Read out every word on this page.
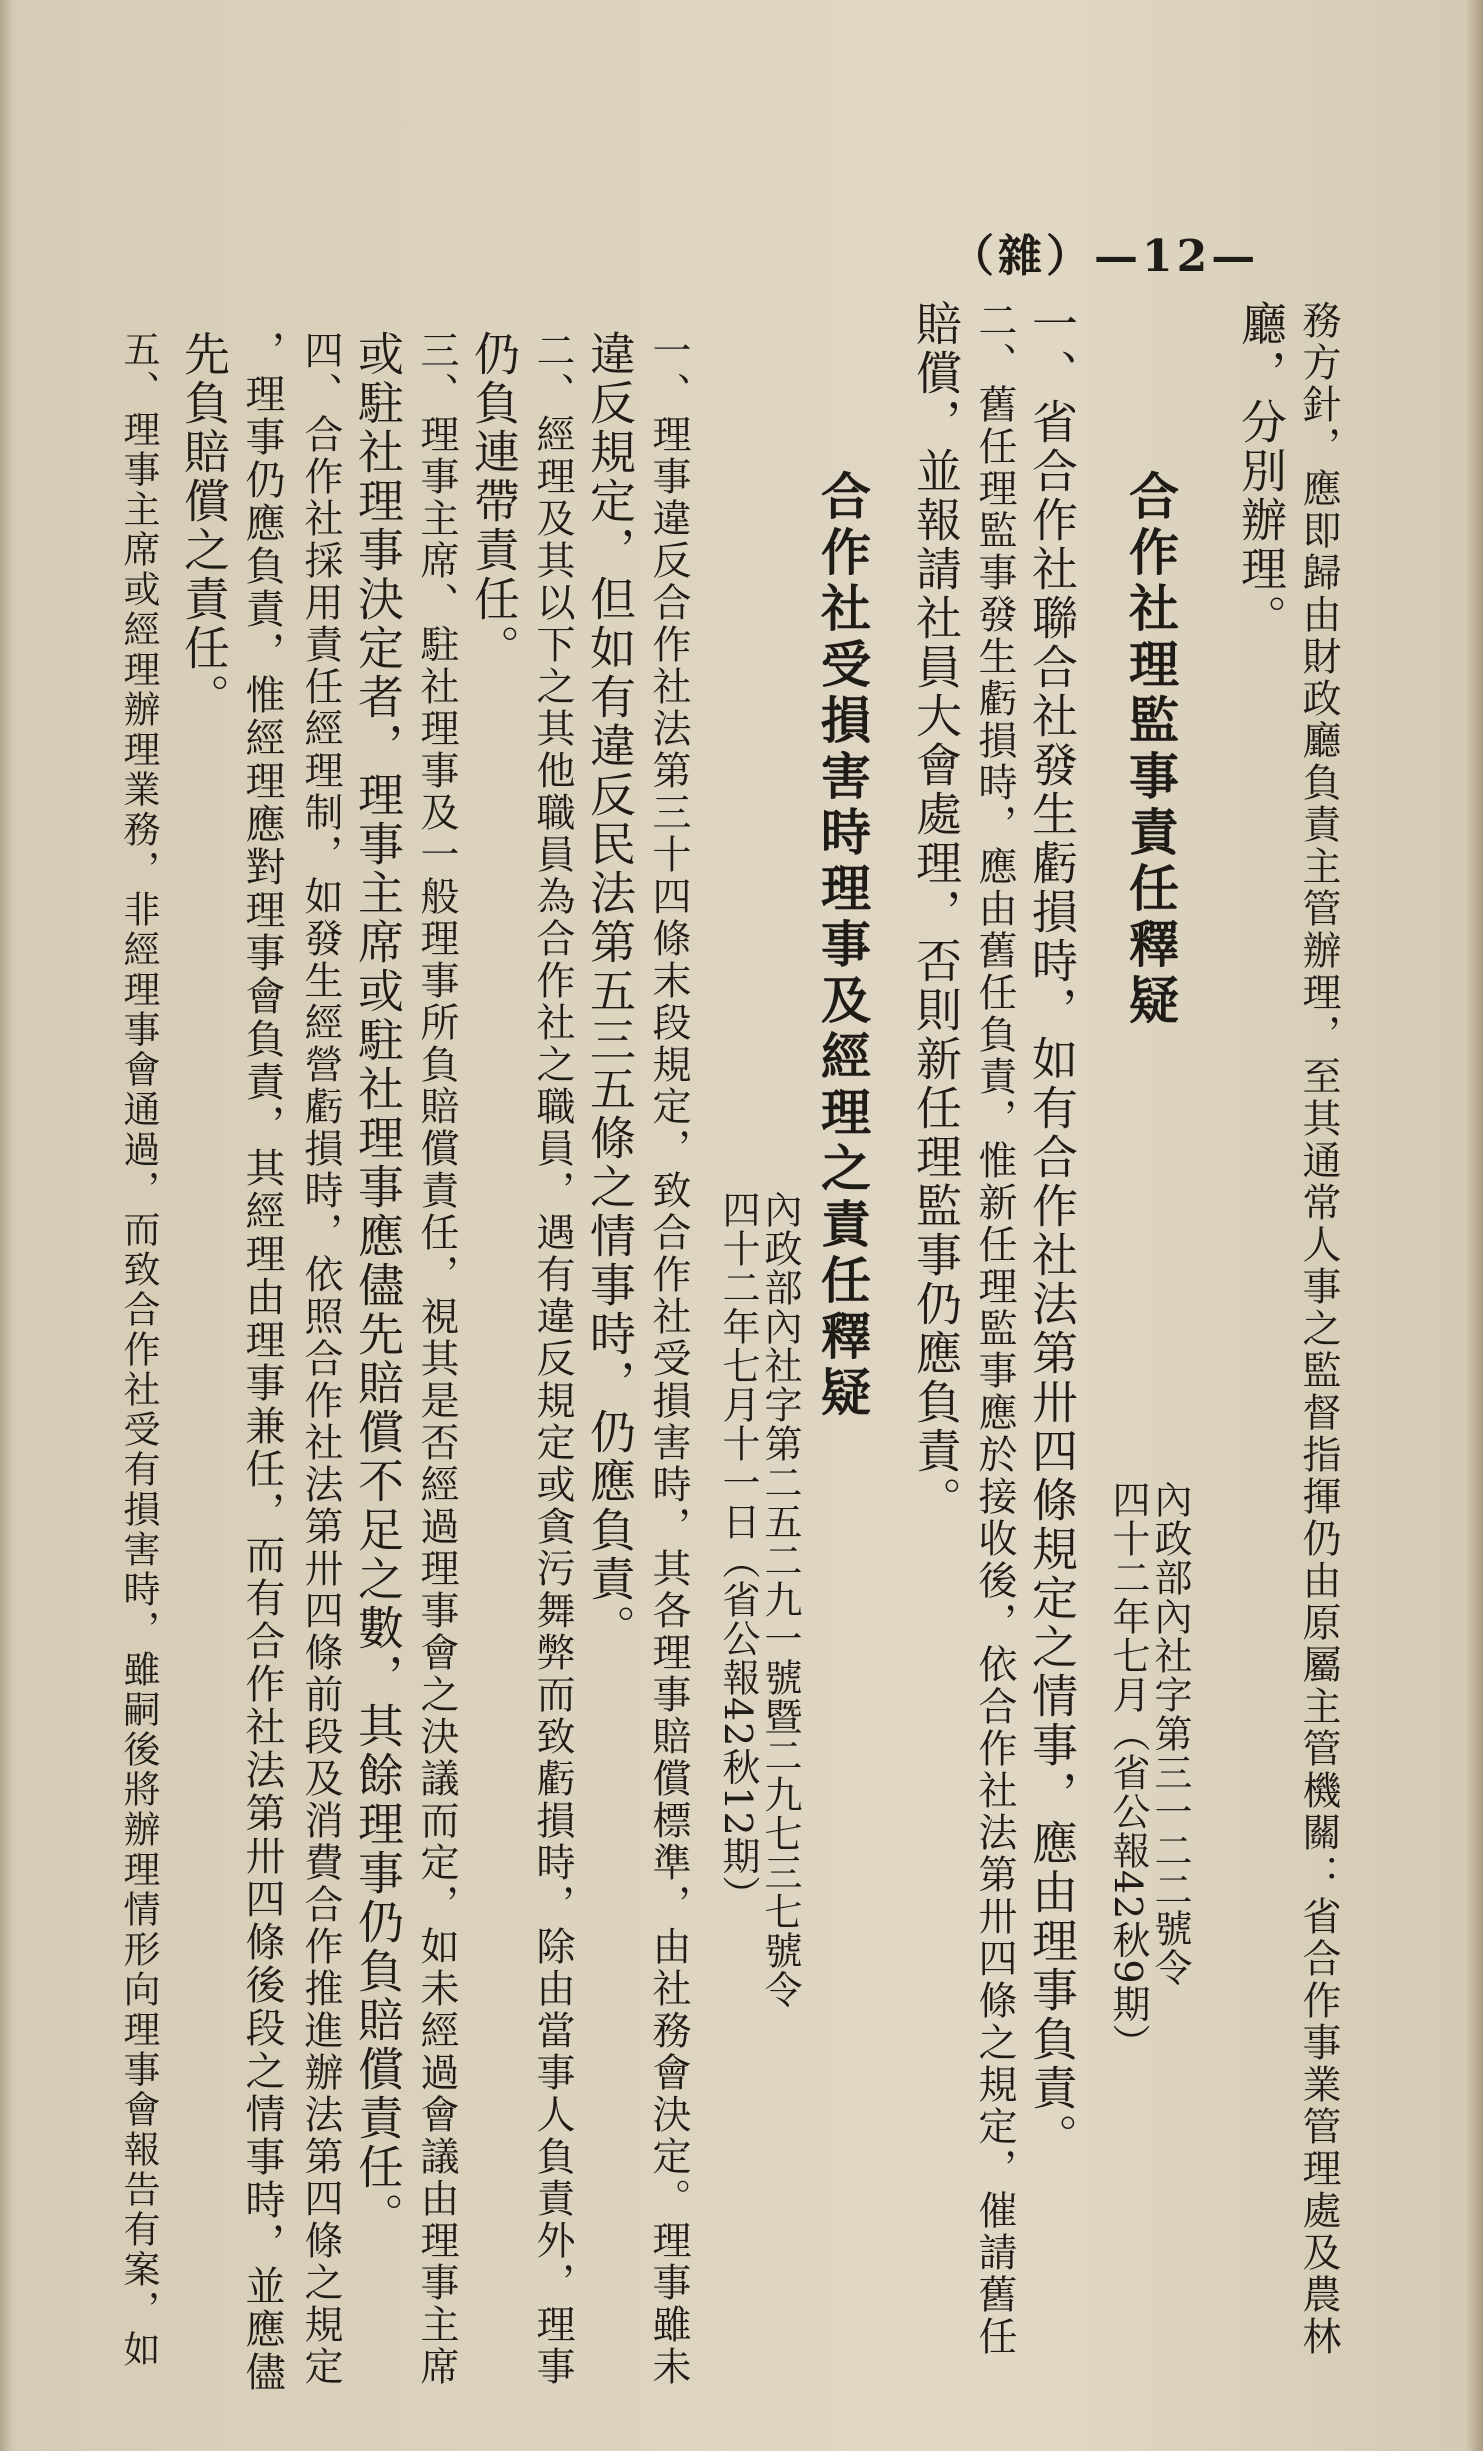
（雜）—12—
務方針，應即歸由財政廳負責主管辦理，至其通常人事之監督指揮仍由原屬主管機關：省合作事業管理處及農林
廳，分別辦理。
合作社理監事責任釋疑
內政部內社字第三一二二號令
四十二年七月（省公報42秋9期）
一、省合作社聯合社發生虧損時，如有合作社法第卅四條規定之情事，應由理事負責。
二、舊任理監事發生虧損時，應由舊任負責，惟新任理監事應於接收後，依合作社法第卅四條之規定，催請舊任
賠償，並報請社員大會處理，否則新任理監事仍應負責。
合作社受損害時理事及經理之責任釋疑
內政部內社字第二五二九一號暨二九七三七號令
四十二年七月十一日（省公報42秋12期）
一、理事違反合作社法第三十四條末段規定，致合作社受損害時，其各理事賠償標準，由社務會決定。理事雖未
違反規定，但如有違反民法第五三五條之情事時，仍應負責。
二、經理及其以下之其他職員為合作社之職員，遇有違反規定或貪污舞弊而致虧損時，除由當事人負責外，理事
仍負連帶責任。
三、理事主席、駐社理事及一般理事所負賠償責任，視其是否經過理事會之決議而定，如未經過會議由理事主席
或駐社理事決定者，理事主席或駐社理事應儘先賠償不足之數，其餘理事仍負賠償責任。
四、合作社採用責任經理制，如發生經營虧損時，依照合作社法第卅四條前段及消費合作推進辦法第四條之規定
，理事仍應負責，惟經理應對理事會負責，其經理由理事兼任，而有合作社法第卅四條後段之情事時，並應儘
先負賠償之責任。
五、理事主席或經理辦理業務，非經理事會通過，而致合作社受有損害時，雖嗣後將辦理情形向理事會報告有案，如
